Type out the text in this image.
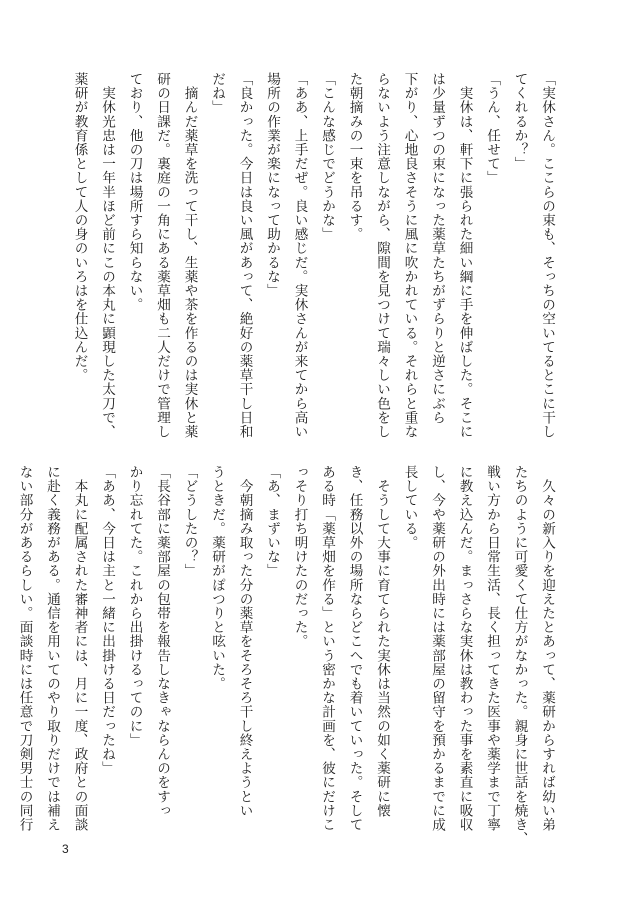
「実休さん。ここらの束も、そっちの空いてるとこに干し

てくれるか？」

「うん、任せて」

　実休は、軒下に張られた細い綱に手を伸ばした。そこに

は少量ずつの束になった薬草たちがずらりと逆さにぶら

下がり、心地良さそうに風に吹かれている。それらと重な

らないよう注意しながら、隙間を見つけて瑞々しい色をし

た朝摘みの一束を吊るす。

「こんな感じでどうかな」

「ああ、上手だぜ。良い感じだ。実休さんが来てから高い

場所の作業が楽になって助かるな」

「良かった。今日は良い風があって、絶好の薬草干し日和

だね」

　摘んだ薬草を洗って干し、生薬や茶を作るのは実休と薬

研の日課だ。裏庭の一角にある薬草畑も二人だけで管理し

ており、他の刀は場所すら知らない。

　実休光忠は一年半ほど前にこの本丸に顕現した太刀で、

薬研が教育係として人の身のいろはを仕込んだ。

　久々の新入りを迎えたとあって、薬研からすれば幼い弟

たちのように可愛くて仕方がなかった。親身に世話を焼き、

戦い方から日常生活、長く担ってきた医事や薬学まで丁寧

に教え込んだ。まっさらな実休は教わった事を素直に吸収

し、今や薬研の外出時には薬部屋の留守を預かるまでに成

長している。

　そうして大事に育てられた実休は当然の如く薬研に懐

き、任務以外の場所ならどこへでも着いていった。そして

ある時「薬草畑を作る」という密かな計画を、彼にだけこ

っそり打ち明けたのだった。

「あ、まずいな」

　今朝摘み取った分の薬草をそろそろ干し終えようとい

うときだ。薬研がぽつりと呟いた。

「どうしたの？」

「長谷部に薬部屋の包帯を報告しなきゃならんのをすっ

かり忘れてた。これから出掛けるってのに」

「ああ、今日は主と一緒に出掛ける日だったね」

　本丸に配属された審神者には、月に一度、政府との面談

に赴く義務がある。通信を用いてのやり取りだけでは補え

ない部分があるらしい。面談時には任意で刀剣男士の同行

3
